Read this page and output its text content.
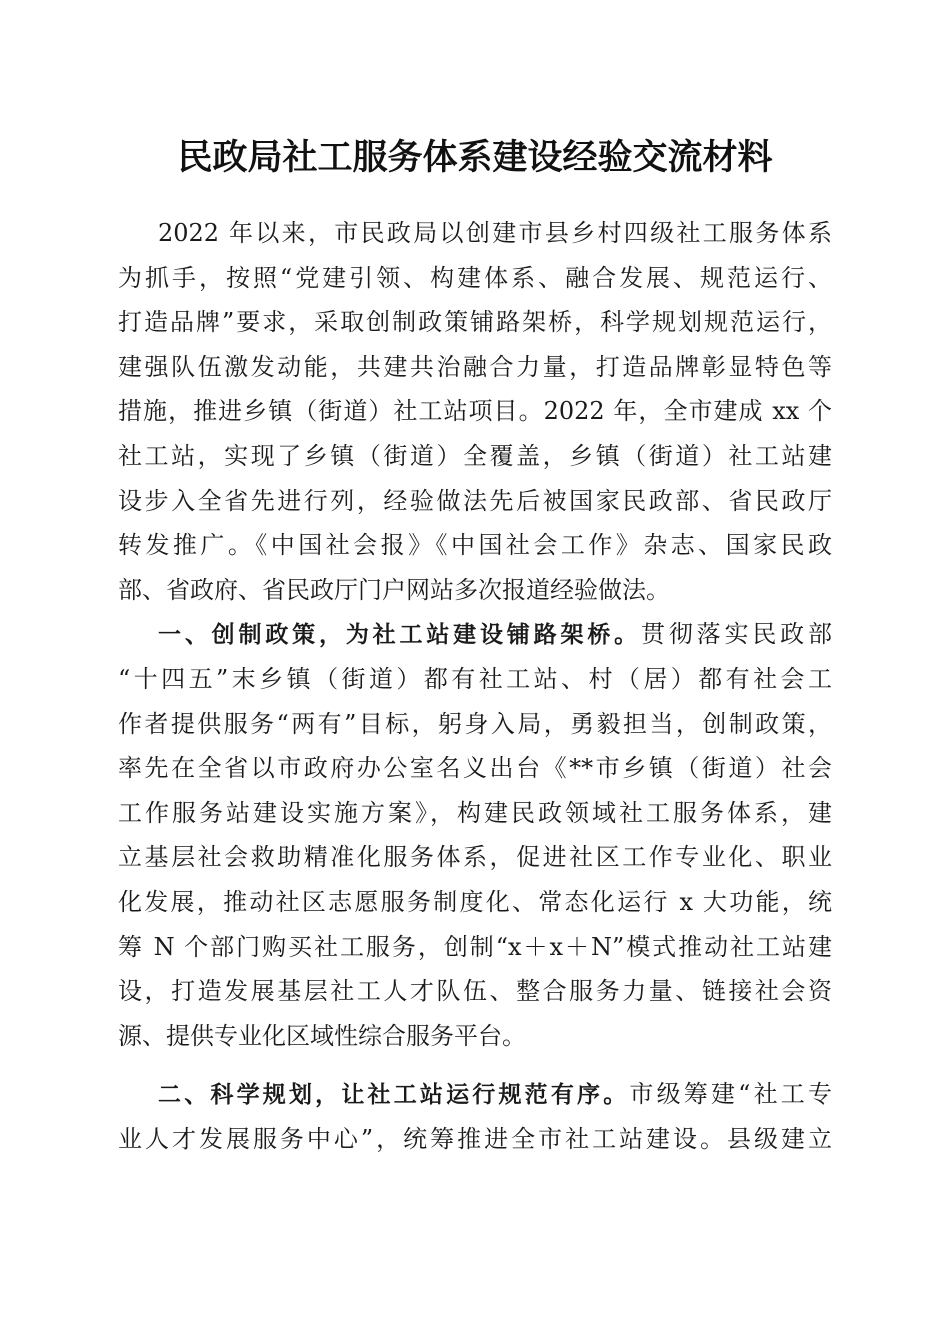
民政局社工服务体系建设经验交流材料
2022 年以来，市民政局以创建市县乡村四级社工服务体系
为抓手，按照“党建引领、构建体系、融合发展、规范运行、
打造品牌”要求，采取创制政策铺路架桥，科学规划规范运行，
建强队伍激发动能，共建共治融合力量，打造品牌彰显特色等
措施，推进乡镇（街道）社工站项目。2022 年，全市建成 xx 个
社工站，实现了乡镇（街道）全覆盖，乡镇（街道）社工站建
设步入全省先进行列，经验做法先后被国家民政部、省民政厅
转发推广。《中国社会报》《中国社会工作》杂志、国家民政
部、省政府、省民政厅门户网站多次报道经验做法。
一、创制政策，为社工站建设铺路架桥。贯彻落实民政部
“十四五”末乡镇（街道）都有社工站、村（居）都有社会工
作者提供服务“两有”目标，躬身入局，勇毅担当，创制政策，
率先在全省以市政府办公室名义出台《**市乡镇（街道）社会
工作服务站建设实施方案》，构建民政领域社工服务体系，建
立基层社会救助精准化服务体系，促进社区工作专业化、职业
化发展，推动社区志愿服务制度化、常态化运行 x 大功能，统
筹 N 个部门购买社工服务，创制“x＋x＋N”模式推动社工站建
设，打造发展基层社工人才队伍、整合服务力量、链接社会资
源、提供专业化区域性综合服务平台。
二、科学规划，让社工站运行规范有序。市级筹建“社工专
业人才发展服务中心”，统筹推进全市社工站建设。县级建立
